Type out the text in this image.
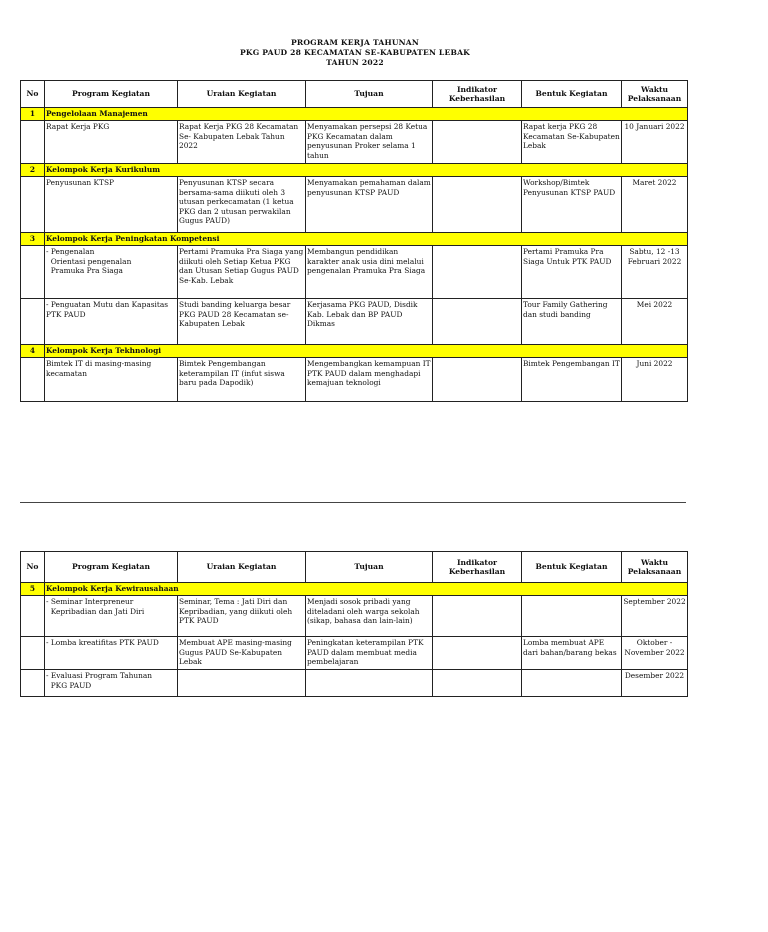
PROGRAM KERJA TAHUNAN
PKG PAUD 28 KECAMATAN SE-KABUPATEN LEBAK
TAHUN 2022
No	Program Kegiatan	Uraian Kegiatan	Tujuan	Indikator Keberhasilan	Bentuk Kegiatan	Waktu Pelaksanaan
1	Pengelolaan Manajemen					
	Rapat Kerja PKG	Rapat Kerja PKG 28 Kecamatan Se- Kabupaten Lebak Tahun 2022	Menyamakan persepsi 28 Ketua PKG Kecamatan dalam penyusunan Proker selama 1 tahun		Rapat kerja PKG 28 Kecamatan Se-Kabupaten Lebak	10 Januari 2022
2	Kelompok Kerja Kurikulum					
	Penyusunan KTSP	Penyusunan KTSP secara bersama-sama diikuti oleh 3 utusan perkecamatan (1 ketua PKG dan 2 utusan perwakilan Gugus PAUD)	Menyamakan pemahaman dalam penyusunan KTSP PAUD		Workshop/Bimtek Penyusunan KTSP PAUD	Maret 2022
3	Kelompok Kerja Peningkatan Kompetensi					
	- Pengenalan
Orientasi pengenalan
Pramuka Pra Siaga	Pertami Pramuka Pra Siaga yang diikuti oleh Setiap Ketua PKG dan Utusan Setiap Gugus PAUD Se-Kab. Lebak	Membangun pendidikan karakter anak usia dini melalui pengenalan Pramuka Pra Siaga		Pertami Pramuka Pra Siaga Untuk PTK PAUD	Sabtu, 12 -13 Februari 2022
	- Penguatan Mutu dan Kapasitas PTK PAUD	Studi banding keluarga besar PKG PAUD 28 Kecamatan se-Kabupaten Lebak	Kerjasama PKG PAUD, Disdik Kab. Lebak dan BP PAUD Dikmas		Tour Family Gathering dan studi banding	Mei 2022
4	Kelompok Kerja Tekhnologi					
	Bimtek IT di masing-masing kecamatan	Bimtek Pengembangan keterampilan IT (infut siswa baru pada Dapodik)	Mengembangkan kemampuan IT PTK PAUD dalam menghadapi kemajuan teknologi		Bimtek Pengembangan IT	Juni 2022
No	Program Kegiatan	Uraian Kegiatan	Tujuan	Indikator Keberhasilan	Bentuk Kegiatan	Waktu Pelaksanaan
5	Kelompok Kerja Kewirausahaan					
	- Seminar Interpreneur
Kepribadian dan Jati Diri	Seminar, Tema : Jati Diri dan Kepribadian, yang diikuti oleh PTK PAUD	Menjadi sosok pribadi yang diteladani oleh warga sekolah (sikap, bahasa dan lain-lain)			September 2022
	- Lomba kreatifitas PTK PAUD	Membuat APE masing-masing Gugus PAUD Se-Kabupaten Lebak	Peningkatan keterampilan PTK PAUD dalam membuat media pembelajaran		Lomba membuat APE dari bahan/barang bekas	Oktober - November 2022
	- Evaluasi Program Tahunan
PKG PAUD					Desember 2022
